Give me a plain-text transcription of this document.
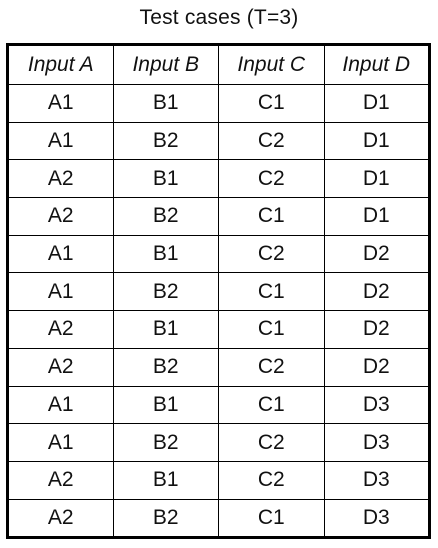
Test cases (T=3)
Input A	Input B	Input C	Input D
A1	B1	C1	D1
A1	B2	C2	D1
A2	B1	C2	D1
A2	B2	C1	D1
A1	B1	C2	D2
A1	B2	C1	D2
A2	B1	C1	D2
A2	B2	C2	D2
A1	B1	C1	D3
A1	B2	C2	D3
A2	B1	C2	D3
A2	B2	C1	D3
